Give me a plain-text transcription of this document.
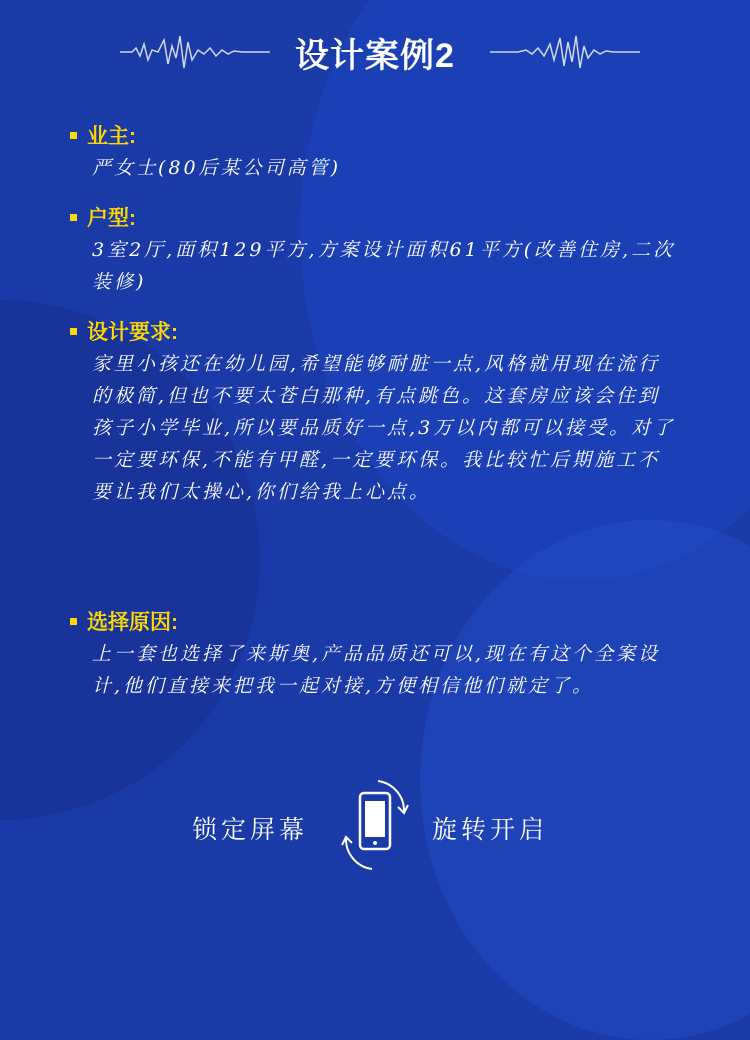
设计案例2
业主:
严女士(80后某公司高管)
户型:
3室2厅,面积129平方,方案设计面积61平方(改善住房,二次装修)
设计要求:
家里小孩还在幼儿园,希望能够耐脏一点,风格就用现在流行的极简,但也不要太苍白那种,有点跳色。这套房应该会住到孩子小学毕业,所以要品质好一点,3万以内都可以接受。对了一定要环保,不能有甲醛,一定要环保。我比较忙后期施工不要让我们太操心,你们给我上心点。
选择原因:
上一套也选择了来斯奥,产品品质还可以,现在有这个全案设计,他们直接来把我一起对接,方便相信他们就定了。
锁定屏幕	旋转开启
